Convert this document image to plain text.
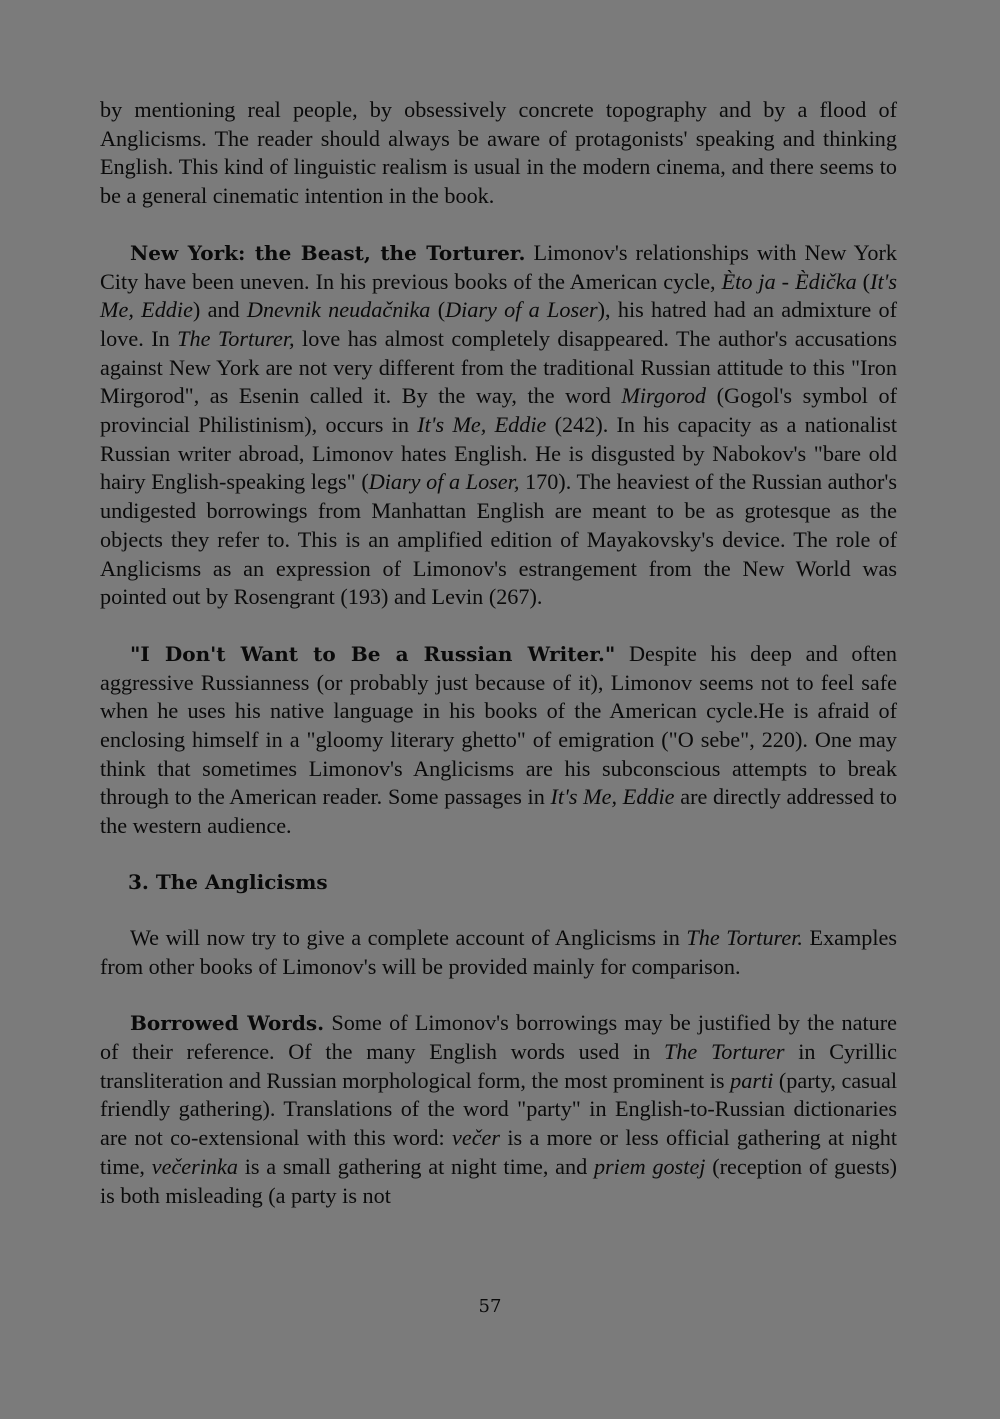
by mentioning real people, by obsessively concrete topography and by a flood of Anglicisms. The reader should always be aware of protagonists' speaking and thinking English. This kind of linguistic realism is usual in the modern cinema, and there seems to be a general cinematic intention in the book.

New York: the Beast, the Torturer. Limonov's relationships with New York City have been uneven. In his previous books of the American cycle, Èto ja - Èdička (It's Me, Eddie) and Dnevnik neudačnika (Diary of a Loser), his hatred had an admixture of love. In The Torturer, love has almost completely disappeared. The author's accusations against New York are not very different from the traditional Russian attitude to this "Iron Mirgorod", as Esenin called it. By the way, the word Mirgorod (Gogol's symbol of provincial Philistinism), occurs in It's Me, Eddie (242). In his capacity as a nationalist Russian writer abroad, Limonov hates English. He is disgusted by Nabokov's "bare old hairy English-speaking legs" (Diary of a Loser, 170). The heaviest of the Russian author's undigested borrowings from Manhattan English are meant to be as grotesque as the objects they refer to. This is an amplified edition of Mayakovsky's device. The role of Anglicisms as an expression of Limonov's estrangement from the New World was pointed out by Rosengrant (193) and Levin (267).

"I Don't Want to Be a Russian Writer." Despite his deep and often aggressive Russianness (or probably just because of it), Limonov seems not to feel safe when he uses his native language in his books of the American cycle.He is afraid of enclosing himself in a "gloomy literary ghetto" of emigration ("O sebe", 220). One may think that sometimes Limonov's Anglicisms are his subconscious attempts to break through to the American reader. Some passages in It's Me, Eddie are directly addressed to the western audience.

3. The Anglicisms

We will now try to give a complete account of Anglicisms in The Torturer. Examples from other books of Limonov's will be provided mainly for comparison.

Borrowed Words. Some of Limonov's borrowings may be justified by the nature of their reference. Of the many English words used in The Torturer in Cyrillic transliteration and Russian morphological form, the most prominent is parti (party, casual friendly gathering). Translations of the word "party" in English-to-Russian dictionaries are not co-extensional with this word: večer is a more or less official gathering at night time, večerinka is a small gathering at night time, and priem gostej (reception of guests) is both misleading (a party is not

57
